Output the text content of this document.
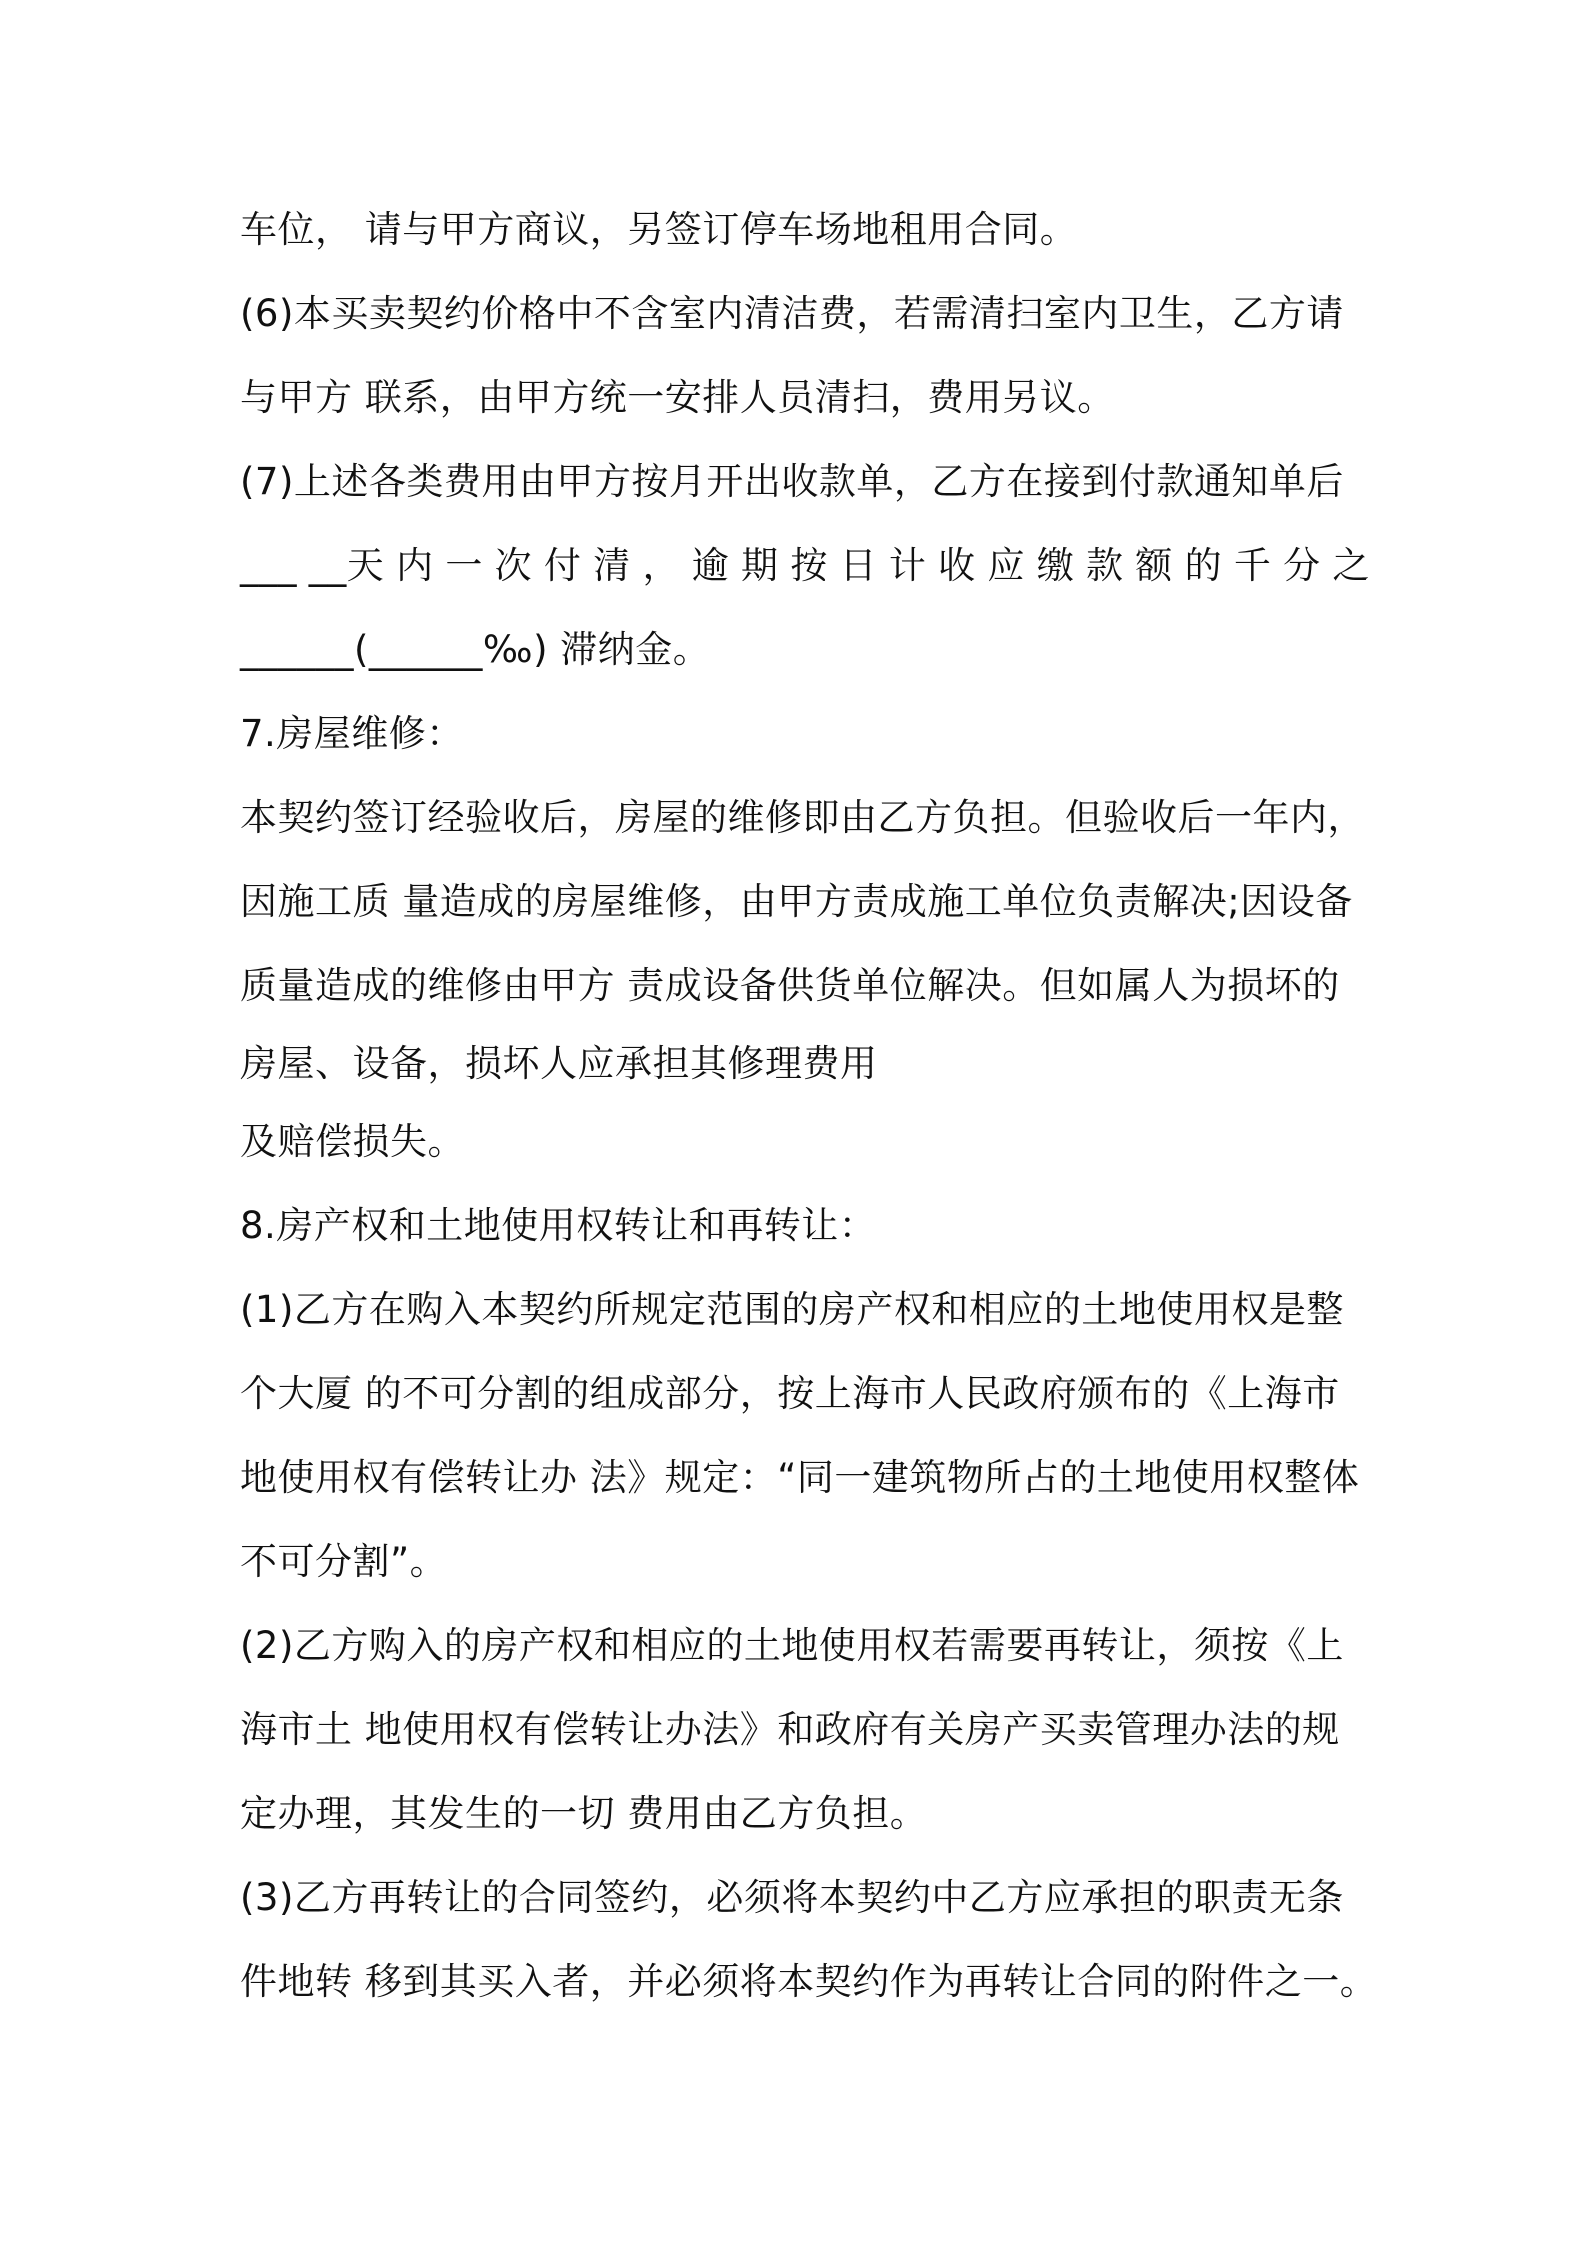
车位， 请与甲方商议，另签订停车场地租用合同。
(6)本买卖契约价格中不含室内清洁费，若需清扫室内卫生，乙方请
与甲方 联系，由甲方统一安排人员清扫，费用另议。
(7)上述各类费用由甲方按月开出收款单，乙方在接到付款通知单后
___ __天 内 一 次 付 清 ， 逾 期 按 日 计 收 应 缴 款 额 的 千 分 之
______(______‰) 滞纳金。
7.房屋维修：
本契约签订经验收后，房屋的维修即由乙方负担。但验收后一年内，
因施工质 量造成的房屋维修，由甲方责成施工单位负责解决;因设备
质量造成的维修由甲方 责成设备供货单位解决。但如属人为损坏的
房屋、设备，损坏人应承担其修理费用
及赔偿损失。
8.房产权和土地使用权转让和再转让：
(1)乙方在购入本契约所规定范围的房产权和相应的土地使用权是整
个大厦 的不可分割的组成部分，按上海市人民政府颁布的《上海市
地使用权有偿转让办 法》规定：“同一建筑物所占的土地使用权整体
不可分割”。
(2)乙方购入的房产权和相应的土地使用权若需要再转让，须按《上
海市土 地使用权有偿转让办法》和政府有关房产买卖管理办法的规
定办理，其发生的一切 费用由乙方负担。
(3)乙方再转让的合同签约，必须将本契约中乙方应承担的职责无条
件地转 移到其买入者，并必须将本契约作为再转让合同的附件之一。
